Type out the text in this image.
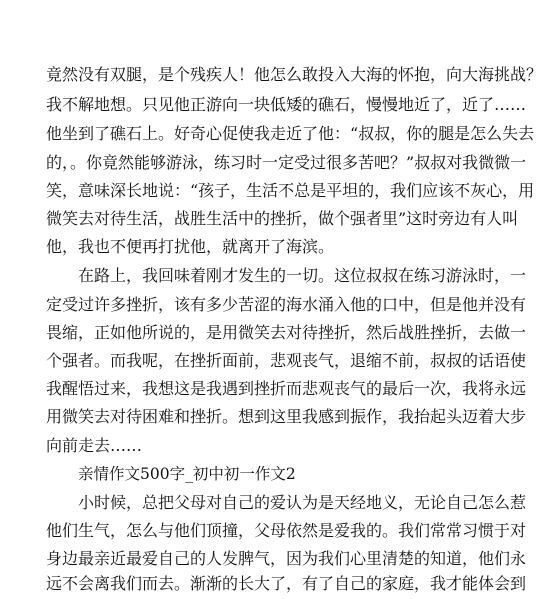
竟然没有双腿，是个残疾人！他怎么敢投入大海的怀抱，向大海挑战？
我不解地想。只见他正游向一块低矮的礁石，慢慢地近了，近了……
他坐到了礁石上。好奇心促使我走近了他：“叔叔，你的腿是怎么失去
的，。你竟然能够游泳，练习时一定受过很多苦吧？”叔叔对我微微一
笑，意味深长地说：“孩子，生活不总是平坦的，我们应该不灰心，用
微笑去对待生活，战胜生活中的挫折，做个强者里”这时旁边有人叫
他，我也不便再打扰他，就离开了海滨。
在路上，我回味着刚才发生的一切。这位叔叔在练习游泳时，一
定受过许多挫折，该有多少苦涩的海水涌入他的口中，但是他并没有
畏缩，正如他所说的，是用微笑去对待挫折，然后战胜挫折，去做一
个强者。而我呢，在挫折面前，悲观丧气，退缩不前，叔叔的话语使
我醒悟过来，我想这是我遇到挫折而悲观丧气的最后一次，我将永远
用微笑去对待困难和挫折。想到这里我感到振作，我抬起头迈着大步
向前走去……
亲情作文500字_初中初一作文2
小时候，总把父母对自己的爱认为是天经地义，无论自己怎么惹
他们生气，怎么与他们顶撞，父母依然是爱我的。我们常常习惯于对
身边最亲近最爱自己的人发脾气，因为我们心里清楚的知道，他们永
远不会离我们而去。渐渐的长大了，有了自己的家庭，我才能体会到
